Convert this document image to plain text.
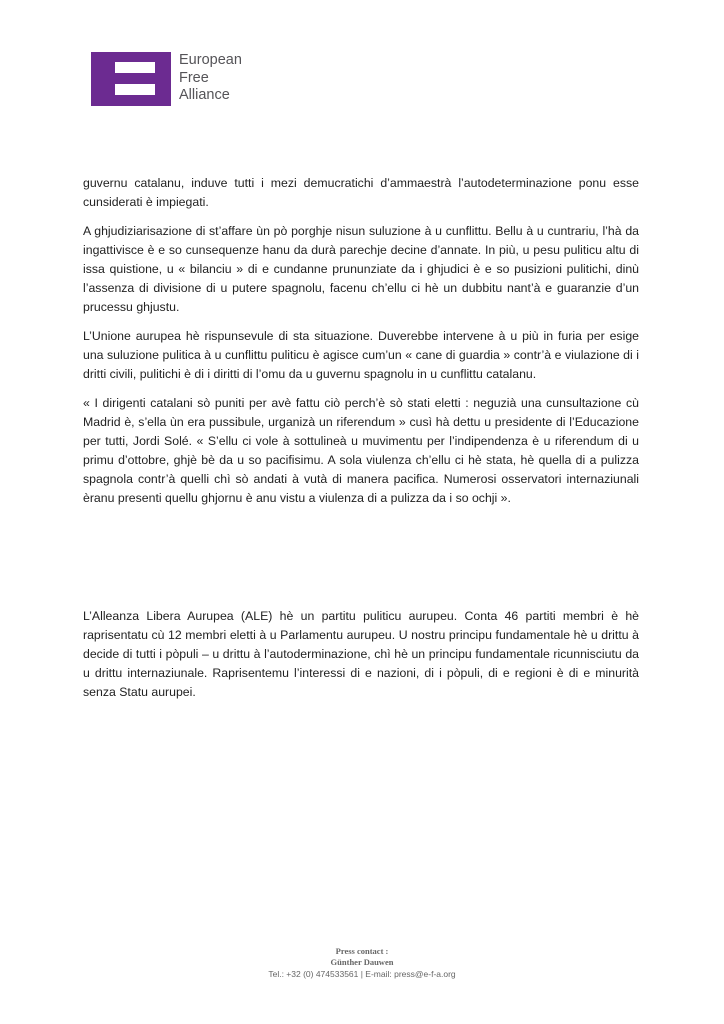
European
Free
Alliance

guvernu catalanu, induve tutti i mezi demucratichi d’ammaestrà l’autodeterminazione ponu esse cunsiderati è impiegati.

A ghjudiziarisazione di st’affare ùn pò porghje nisun suluzione à u cunflittu. Bellu à u cuntrariu, l’hà da ingattivisce è e so cunsequenze hanu da durà parechje decine d’annate. In più, u pesu puliticu altu di issa quistione, u « bilanciu » di e cundanne prununziate da i ghjudici è e so pusizioni pulitichi, dinù l’assenza di divisione di u putere spagnolu, facenu ch’ellu ci hè un dubbitu nant’à e guaranzie d’un prucessu ghjustu.

L’Unione aurupea hè rispunsevule di sta situazione. Duverebbe intervene à u più in furia per esige una suluzione pulitica à u cunflittu puliticu è agisce cum’un « cane di guardia » contr’à e viulazione di i dritti civili, pulitichi è di i diritti di l’omu da u guvernu spagnolu in u cunflittu catalanu.

« I dirigenti catalani sò puniti per avè fattu ciò perch’è sò stati eletti : neguzià una cunsultazione cù Madrid è, s’ella ùn era pussibule, urganizà un riferendum » cusì hà dettu u presidente di l’Educazione per tutti, Jordi Solé. « S’ellu ci vole à sottulineà u muvimentu per l’indipendenza è u riferendum di u primu d’ottobre, ghjè bè da u so pacifisimu. A sola viulenza ch’ellu ci hè stata, hè quella di a pulizza spagnola contr’à quelli chì sò andati à vutà di manera pacifica. Numerosi osservatori internaziunali èranu presenti quellu ghjornu è anu vistu a viulenza di a pulizza da i so ochji ».

L’Alleanza Libera Aurupea (ALE) hè un partitu puliticu aurupeu. Conta 46 partiti membri è hè raprisentatu cù 12 membri eletti à u Parlamentu aurupeu. U nostru principu fundamentale hè u drittu à decide di tutti i pòpuli – u drittu à l’autoderminazione, chì hè un principu fundamentale ricunnisciutu da u drittu internaziunale. Raprisentemu l’interessi di e nazioni, di i pòpuli, di e regioni è di e minurità senza Statu aurupei.

Press contact :
Günther Dauwen
Tel.: +32 (0) 474533561 | E-mail: press@e-f-a.org
